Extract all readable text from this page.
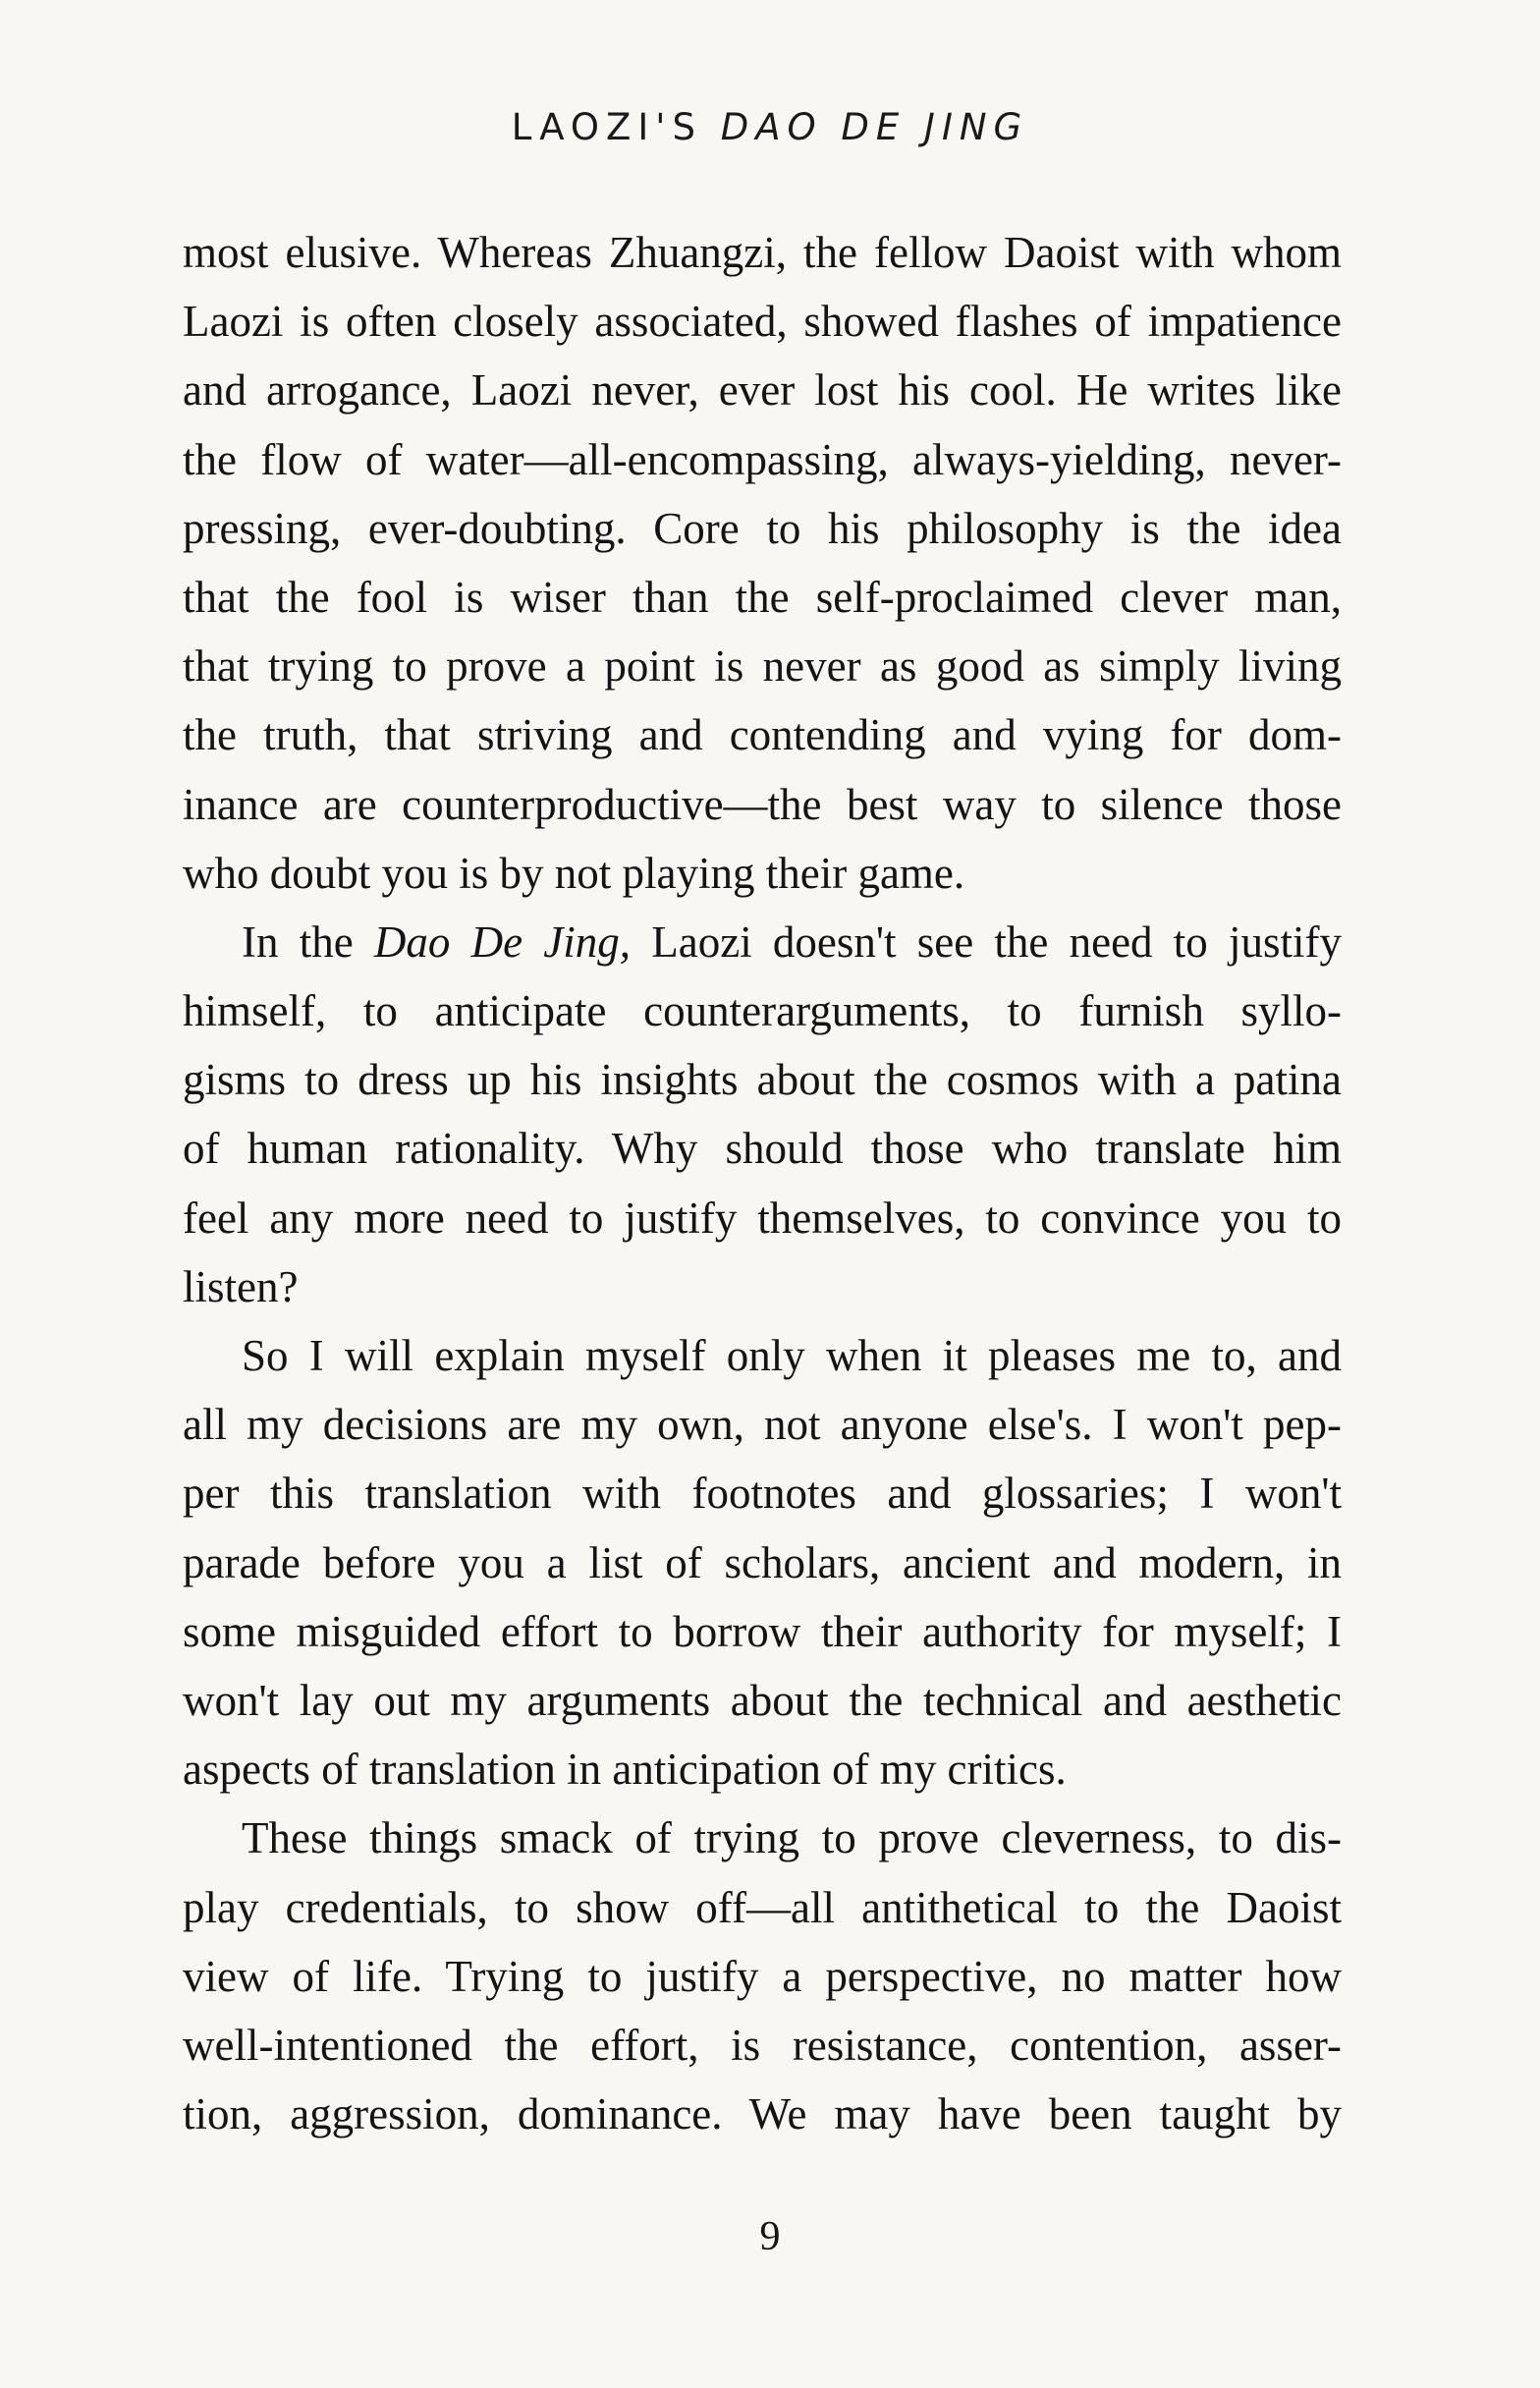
LAOZI'S DAO DE JING
most elusive. Whereas Zhuangzi, the fellow Daoist with whom
Laozi is often closely associated, showed flashes of impatience
and arrogance, Laozi never, ever lost his cool. He writes like
the flow of water—all-encompassing, always-yielding, never-
pressing, ever-doubting. Core to his philosophy is the idea
that the fool is wiser than the self-proclaimed clever man,
that trying to prove a point is never as good as simply living
the truth, that striving and contending and vying for dom-
inance are counterproductive—the best way to silence those
who doubt you is by not playing their game.
In the Dao De Jing, Laozi doesn't see the need to justify
himself, to anticipate counterarguments, to furnish syllo-
gisms to dress up his insights about the cosmos with a patina
of human rationality. Why should those who translate him
feel any more need to justify themselves, to convince you to
listen?
So I will explain myself only when it pleases me to, and
all my decisions are my own, not anyone else's. I won't pep-
per this translation with footnotes and glossaries; I won't
parade before you a list of scholars, ancient and modern, in
some misguided effort to borrow their authority for myself; I
won't lay out my arguments about the technical and aesthetic
aspects of translation in anticipation of my critics.
These things smack of trying to prove cleverness, to dis-
play credentials, to show off—all antithetical to the Daoist
view of life. Trying to justify a perspective, no matter how
well-intentioned the effort, is resistance, contention, asser-
tion, aggression, dominance. We may have been taught by
9
